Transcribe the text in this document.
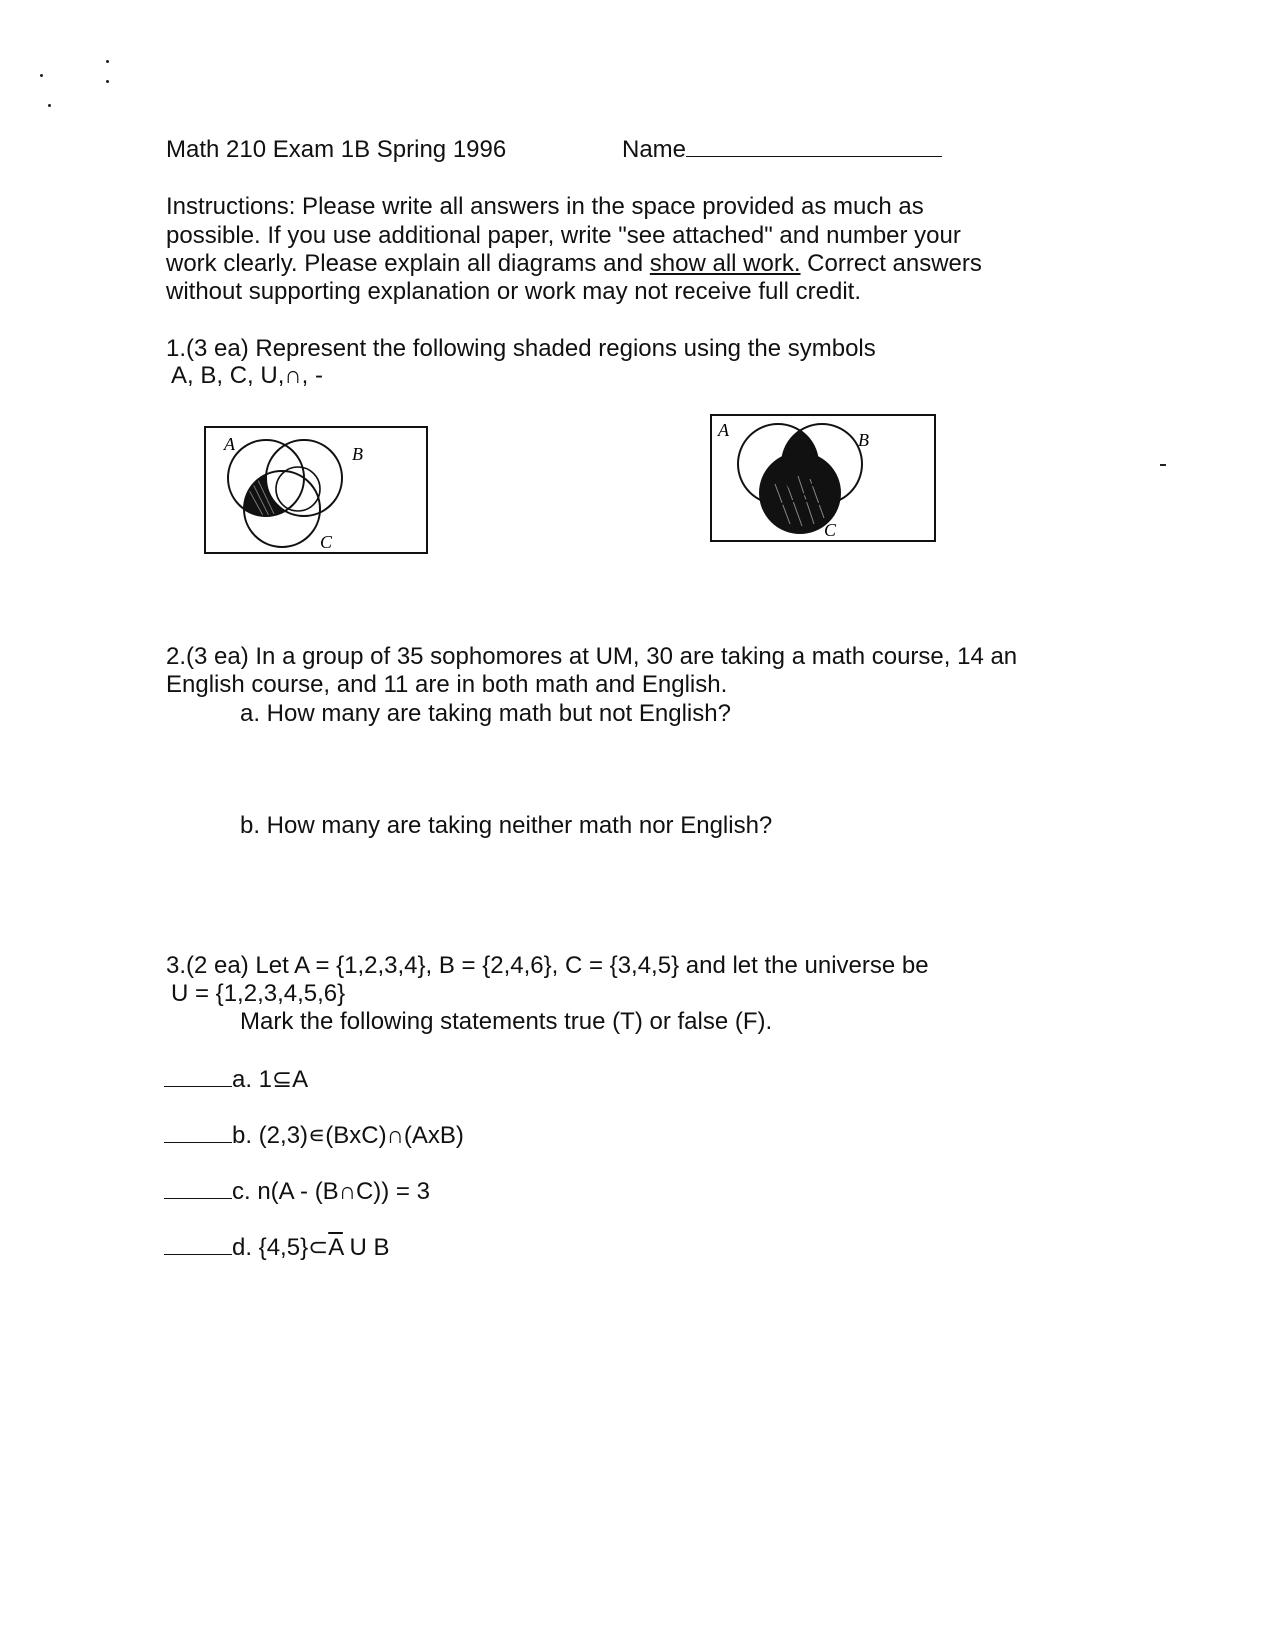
Math 210 Exam 1B Spring 1996	Name
Instructions: Please write all answers in the space provided as much as
possible. If you use additional paper, write "see attached" and number your
work clearly. Please explain all diagrams and show all work. Correct answers
without supporting explanation or work may not receive full credit.
1.(3 ea) Represent the following shaded regions using the symbols
A, B, C, U,∩, -
A	B
C
A	B
C
2.(3 ea) In a group of 35 sophomores at UM, 30 are taking a math course, 14 an
English course, and 11 are in both math and English.
a. How many are taking math but not English?
b. How many are taking neither math nor English?
3.(2 ea) Let A = {1,2,3,4}, B = {2,4,6}, C = {3,4,5} and let the universe be
U = {1,2,3,4,5,6}
Mark the following statements true (T) or false (F).
a. 1⊆A
b. (2,3)∊(BxC)∩(AxB)
c. n(A - (B∩C)) = 3
d. $\{4,5\}\subset\overline{A}$ U B
